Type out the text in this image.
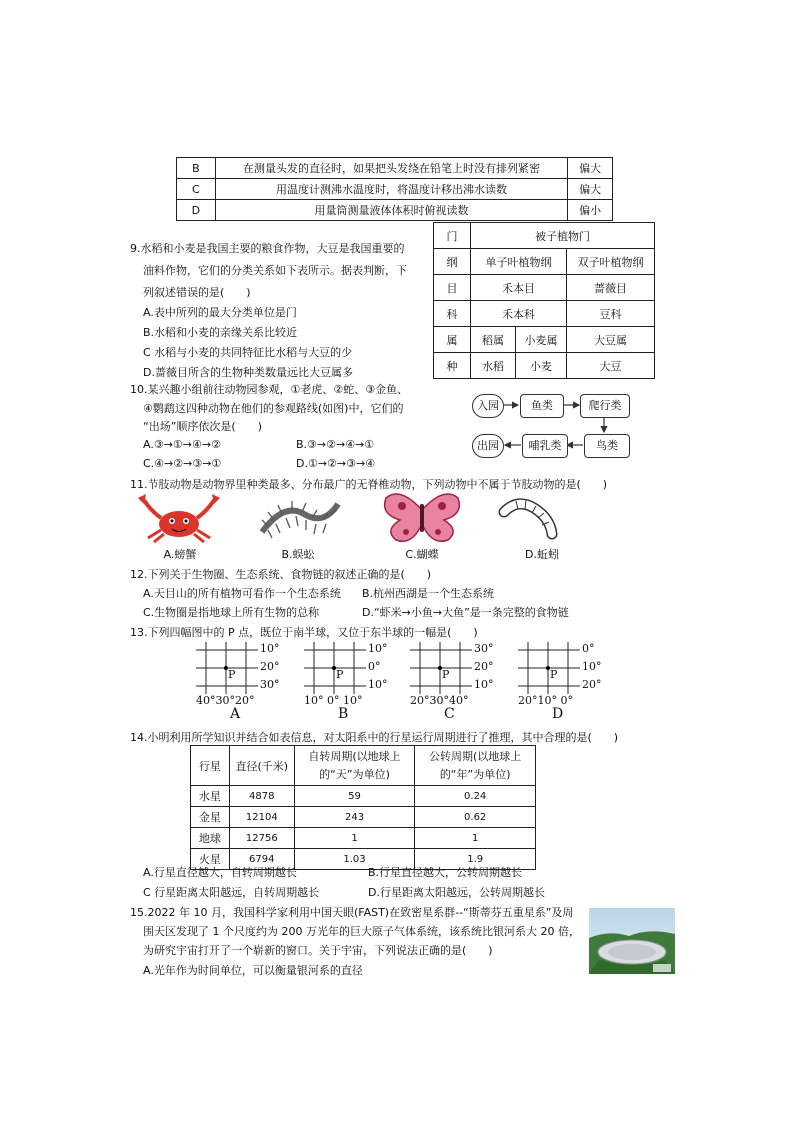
B	在测量头发的直径时，如果把头发绕在铅笔上时没有排列紧密	偏大
C	用温度计测沸水温度时，将温度计移出沸水读数	偏大
D	用量筒测量液体体积时俯视读数	偏小
9.水稻和小麦是我国主要的粮食作物，大豆是我国重要的
油料作物，它们的分类关系如下表所示。据表判断，下
列叙述错误的是(　　)
A.表中所列的最大分类单位是门
B.水稻和小麦的亲缘关系比较近
C 水稻与小麦的共同特征比水稻与大豆的少
D.蔷薇目所含的生物种类数量远比大豆属多
门	被子植物门		
纲	单子叶植物纲		双子叶植物纲
目	禾本目		蔷薇目
科	禾本科		豆科
属	稻属	小麦属	大豆属
种	水稻	小麦	大豆
10.某兴趣小组前往动物园参观，①老虎、②蛇、③金鱼、
④鹦鹉这四种动物在他们的参观路线(如图)中，它们的
“出场”顺序依次是(　　)
A.③→①→④→②	B.③→②→④→①
C.④→②→③→①	D.①→②→③→④
入园	鱼类	爬行类
出园	哺乳类	鸟类
11.节肢动物是动物界里种类最多、分布最广的无脊椎动物，下列动物中不属于节肢动物的是(　　)
A.螃蟹	B.蜈蚣	C.蝴蝶	D.蚯蚓
12.下列关于生物圈、生态系统、食物链的叙述正确的是(　　)
A.天目山的所有植物可看作一个生态系统 B.杭州西湖是一个生态系统
C.生物圈是指地球上所有生物的总称	D.“虾米→小鱼→大鱼”是一条完整的食物链
13.下列四幅图中的 P 点，既位于南半球，又位于东半球的一幅是(　　)
P
10°
20°
30°
40°30°20°
A
P
10°
0°
10°
10° 0° 10°
B
P
30°
20°
10°
20°30°40°
C
P
0°
10°
20°
20°10° 0°
D
14.小明利用所学知识并结合如表信息，对太阳系中的行星运行周期进行了推理，其中合理的是(　　)
行星	直径(千米)	自转周期(以地球上的“天”为单位)	公转周期(以地球上的“年”为单位)
水星	4878	59	0.24
金星	12104	243	0.62
地球	12756	1	1
火星	6794	1.03	1.9
A.行星直径越大，自转周期越长	B.行星直径越大，公转周期越长
C 行星距离太阳越远，自转周期越长	D.行星距离太阳越远，公转周期越长
15.2022 年 10 月，我国科学家利用中国天眼(FAST)在致密星系群--“斯蒂芬五重星系”及周
围天区发现了 1 个尺度约为 200 万光年的巨大原子气体系统，该系统比银河系大 20 倍，
为研究宇宙打开了一个崭新的窗口。关于宇宙，下列说法正确的是(　　)
A.光年作为时间单位，可以衡量银河系的直径
